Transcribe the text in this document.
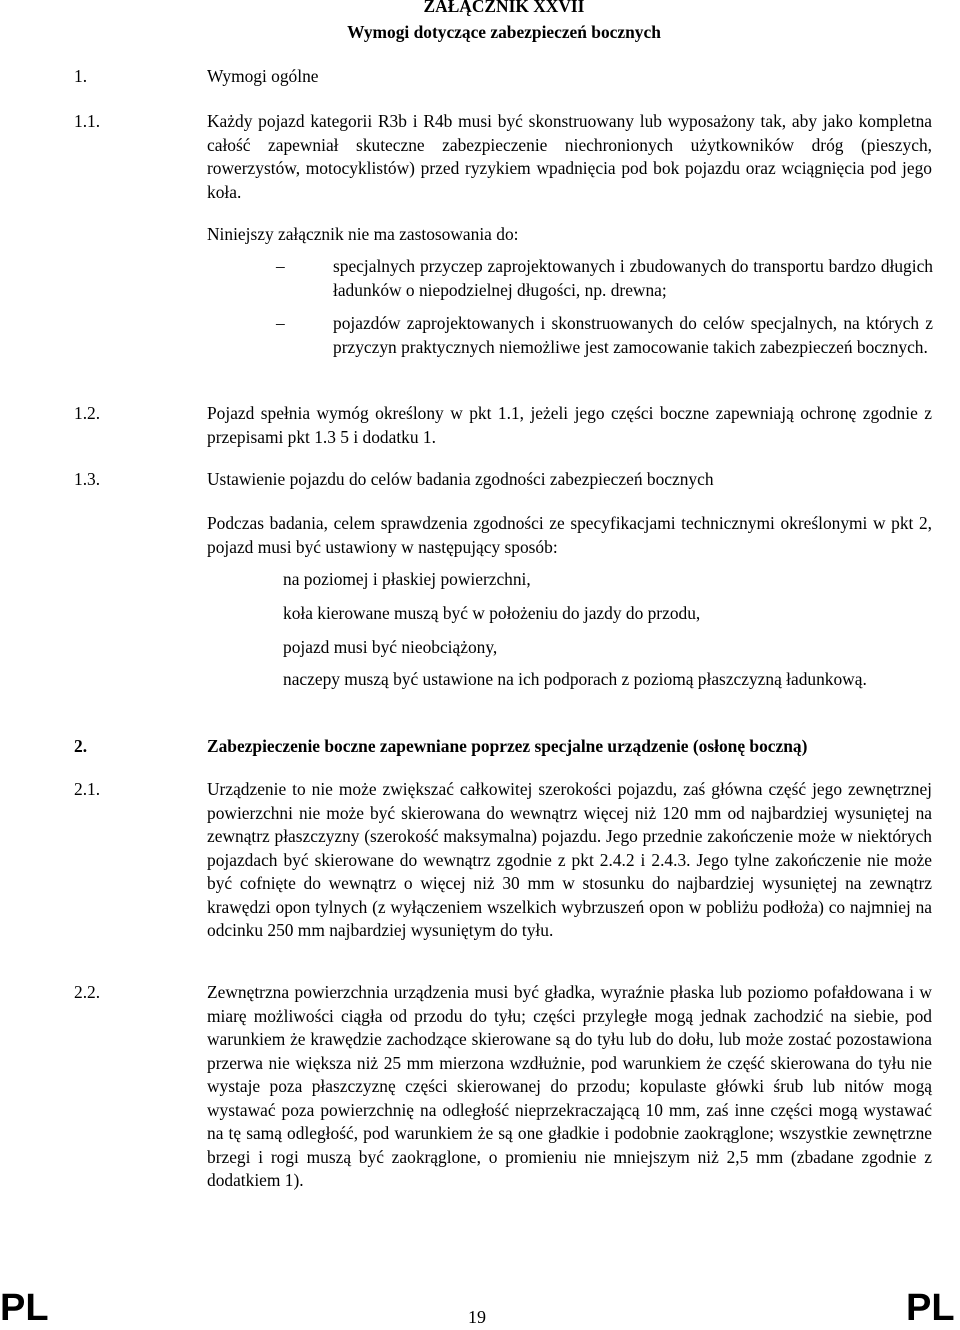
ZAŁĄCZNIK XXVII
Wymogi dotyczące zabezpieczeń bocznych
1.	Wymogi ogólne
1.1.	Każdy pojazd kategorii R3b i R4b musi być skonstruowany lub wyposażony tak, aby jako kompletna całość zapewniał skuteczne zabezpieczenie niechronionych użytkowników dróg (pieszych, rowerzystów, motocyklistów) przed ryzykiem wpadnięcia pod bok pojazdu oraz wciągnięcia pod jego koła.
Niniejszy załącznik nie ma zastosowania do:
–	specjalnych przyczep zaprojektowanych i zbudowanych do transportu bardzo długich ładunków o niepodzielnej długości, np. drewna;
–	pojazdów zaprojektowanych i skonstruowanych do celów specjalnych, na których z przyczyn praktycznych niemożliwe jest zamocowanie takich zabezpieczeń bocznych.
1.2.	Pojazd spełnia wymóg określony w pkt 1.1, jeżeli jego części boczne zapewniają ochronę zgodnie z przepisami pkt 1.3 5 i dodatku 1.
1.3.	Ustawienie pojazdu do celów badania zgodności zabezpieczeń bocznych
Podczas badania, celem sprawdzenia zgodności ze specyfikacjami technicznymi określonymi w pkt 2, pojazd musi być ustawiony w następujący sposób:
na poziomej i płaskiej powierzchni,
koła kierowane muszą być w położeniu do jazdy do przodu,
pojazd musi być nieobciążony,
naczepy muszą być ustawione na ich podporach z poziomą płaszczyzną ładunkową.
2.	Zabezpieczenie boczne zapewniane poprzez specjalne urządzenie (osłonę boczną)
2.1.	Urządzenie to nie może zwiększać całkowitej szerokości pojazdu, zaś główna część jego zewnętrznej powierzchni nie może być skierowana do wewnątrz więcej niż 120 mm od najbardziej wysuniętej na zewnątrz płaszczyzny (szerokość maksymalna) pojazdu. Jego przednie zakończenie może w niektórych pojazdach być skierowane do wewnątrz zgodnie z pkt 2.4.2 i 2.4.3. Jego tylne zakończenie nie może być cofnięte do wewnątrz o więcej niż 30 mm w stosunku do najbardziej wysuniętej na zewnątrz krawędzi opon tylnych (z wyłączeniem wszelkich wybrzuszeń opon w pobliżu podłoża) co najmniej na odcinku 250 mm najbardziej wysuniętym do tyłu.
2.2.	Zewnętrzna powierzchnia urządzenia musi być gładka, wyraźnie płaska lub poziomo pofałdowana i w miarę możliwości ciągła od przodu do tyłu; części przyległe mogą jednak zachodzić na siebie, pod warunkiem że krawędzie zachodzące skierowane są do tyłu lub do dołu, lub może zostać pozostawiona przerwa nie większa niż 25 mm mierzona wzdłużnie, pod warunkiem że część skierowana do tyłu nie wystaje poza płaszczyznę części skierowanej do przodu; kopulaste główki śrub lub nitów mogą wystawać poza powierzchnię na odległość nieprzekraczającą 10 mm, zaś inne części mogą wystawać na tę samą odległość, pod warunkiem że są one gładkie i podobnie zaokrąglone; wszystkie zewnętrzne brzegi i rogi muszą być zaokrąglone, o promieniu nie mniejszym niż 2,5 mm (zbadane zgodnie z dodatkiem 1).
PL	19	PL
